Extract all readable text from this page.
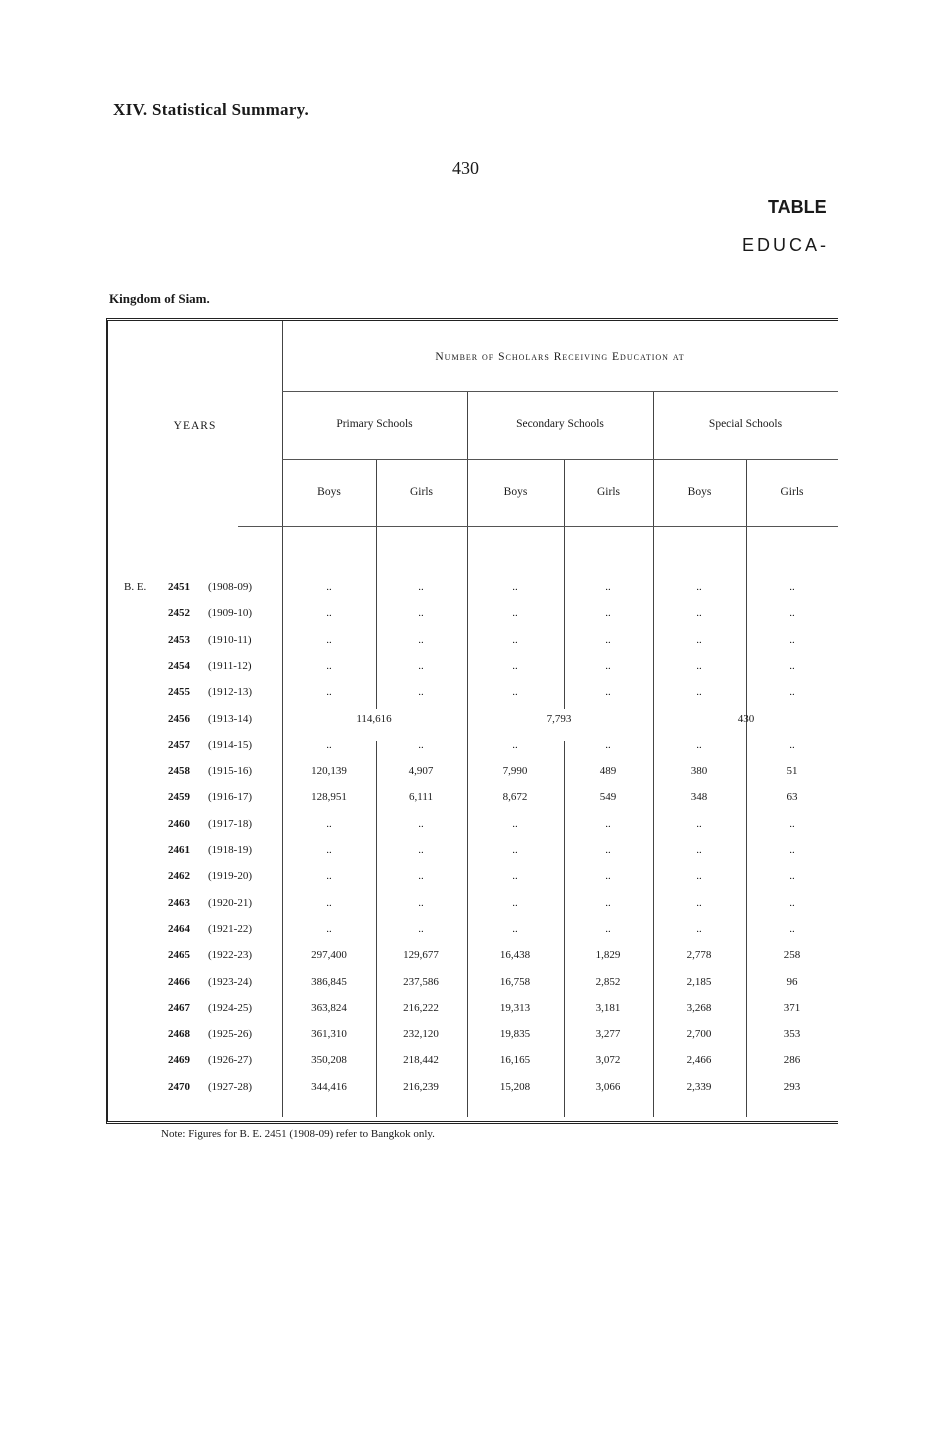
XIV. Statistical Summary.
430
TABLE
EDUCA-
Kingdom of Siam.
Number of Scholars Receiving Education at
YEARS	Primary Schools	Secondary Schools	Special Schools
Boys	Girls	Boys	Girls	Boys	Girls
B. E. 2451 (1908-09)	..	..	..	..	..	..
2452 (1909-10)	..	..	..	..	..	..
2453 (1910-11)	..	..	..	..	..	..
2454 (1911-12)	..	..	..	..	..	..
2455 (1912-13)	..	..	..	..	..	..
2456 (1913-14)	114,616	7,793	430
2457 (1914-15)	..	..	..	..	..	..
2458 (1915-16)	120,139	4,907	7,990	489	380	51
2459 (1916-17)	128,951	6,111	8,672	549	348	63
2460 (1917-18)	..	..	..	..	..	..
2461 (1918-19)	..	..	..	..	..	..
2462 (1919-20)	..	..	..	..	..	..
2463 (1920-21)	..	..	..	..	..	..
2464 (1921-22)	..	..	..	..	..	..
2465 (1922-23)	297,400	129,677	16,438	1,829	2,778	258
2466 (1923-24)	386,845	237,586	16,758	2,852	2,185	96
2467 (1924-25)	363,824	216,222	19,313	3,181	3,268	371
2468 (1925-26)	361,310	232,120	19,835	3,277	2,700	353
2469 (1926-27)	350,208	218,442	16,165	3,072	2,466	286
2470 (1927-28)	344,416	216,239	15,208	3,066	2,339	293
Note: Figures for B. E. 2451 (1908-09) refer to Bangkok only.
